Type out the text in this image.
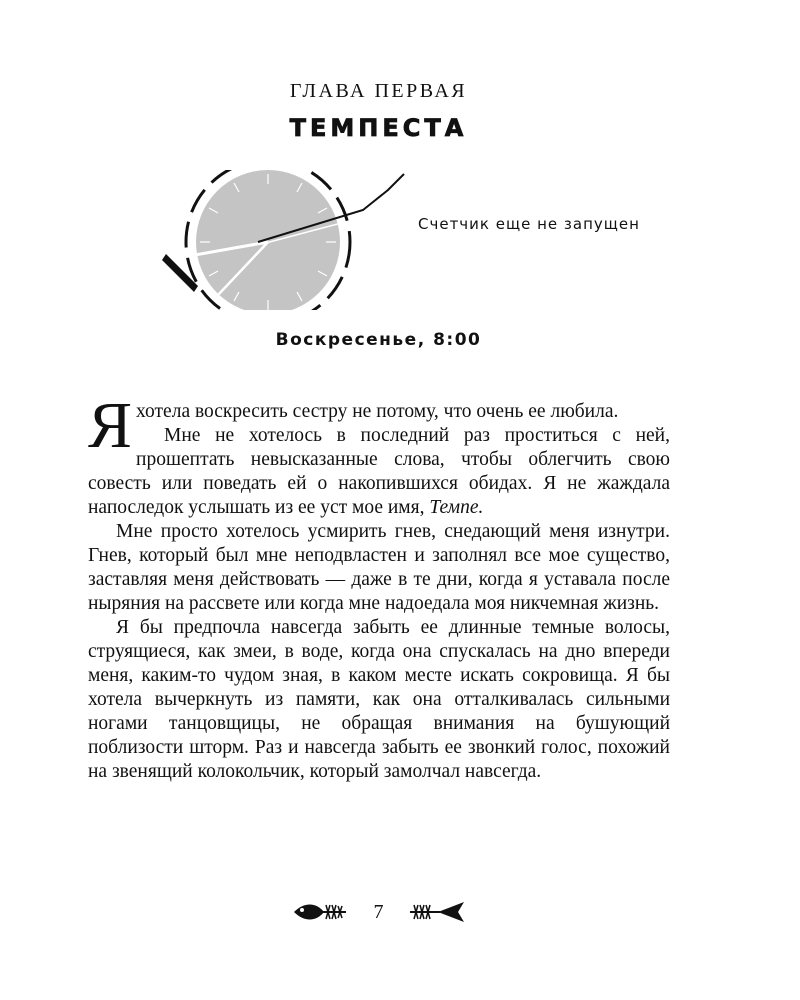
ГЛАВА ПЕРВАЯ
ТЕМПЕСТА
Счетчик еще не запущен
Воскресенье, 8:00

Я хотела воскресить сестру не потому, что очень ее любила.

Мне не хотелось в последний раз проститься с ней, прошептать невысказанные слова, чтобы облегчить свою совесть или поведать ей о накопившихся обидах. Я не жаждала напоследок услышать из ее уст мое имя, Темпе.

Мне просто хотелось усмирить гнев, снедающий меня изнутри. Гнев, который был мне неподвластен и заполнял все мое существо, заставляя меня действовать — даже в те дни, когда я уставала после ныряния на рассвете или когда мне надоедала моя никчемная жизнь.

Я бы предпочла навсегда забыть ее длинные темные волосы, струящиеся, как змеи, в воде, когда она спускалась на дно впереди меня, каким-то чудом зная, в каком месте искать сокровища. Я бы хотела вычеркнуть из памяти, как она отталкивалась сильными ногами танцовщицы, не обращая внимания на бушующий поблизости шторм. Раз и навсегда забыть ее звонкий голос, похожий на звенящий колокольчик, который замолчал навсегда.

7
